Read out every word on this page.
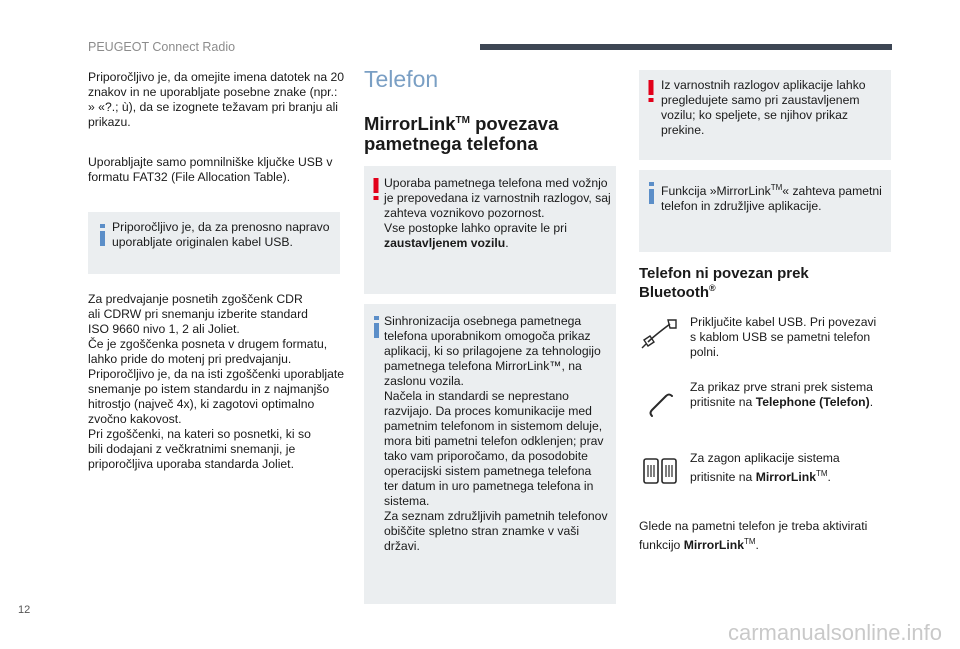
PEUGEOT Connect Radio
Priporočljivo je, da omejite imena datotek na 20
znakov in ne uporabljate posebne znake (npr.:
» «?.; ù), da se izognete težavam pri branju ali
prikazu.
Uporabljajte samo pomnilniške ključke USB v
formatu FAT32 (File Allocation Table).
Priporočljivo je, da za prenosno napravo
uporabljate originalen kabel USB.
Za predvajanje posnetih zgoščenk CDR
ali CDRW pri snemanju izberite standard
ISO 9660 nivo 1, 2 ali Joliet.
Če je zgoščenka posneta v drugem formatu,
lahko pride do motenj pri predvajanju.
Priporočljivo je, da na isti zgoščenki uporabljate
snemanje po istem standardu in z najmanjšo
hitrostjo (največ 4x), ki zagotovi optimalno
zvočno kakovost.
Pri zgoščenki, na kateri so posnetki, ki so
bili dodajani z večkratnimi snemanji, je
priporočljiva uporaba standarda Joliet.
Telefon
MirrorLink™ povezava
pametnega telefona
Uporaba pametnega telefona med vožnjo
je prepovedana iz varnostnih razlogov, saj
zahteva voznikovo pozornost.
Vse postopke lahko opravite le pri
zaustavljenem vozilu.
Sinhronizacija osebnega pametnega
telefona uporabnikom omogoča prikaz
aplikacij, ki so prilagojene za tehnologijo
pametnega telefona MirrorLink™, na
zaslonu vozila.
Načela in standardi se neprestano
razvijajo. Da proces komunikacije med
pametnim telefonom in sistemom deluje,
mora biti pametni telefon odklenjen; prav
tako vam priporočamo, da posodobite
operacijski sistem pametnega telefona
ter datum in uro pametnega telefona in
sistema.
Za seznam združljivih pametnih telefonov
obiščite spletno stran znamke v vaši
državi.
Iz varnostnih razlogov aplikacije lahko
pregledujete samo pri zaustavljenem
vozilu; ko speljete, se njihov prikaz
prekine.
Funkcija »MirrorLink™« zahteva pametni
telefon in združljive aplikacije.
Telefon ni povezan prek
Bluetooth®
Priključite kabel USB. Pri povezavi
s kablom USB se pametni telefon
polni.
Za prikaz prve strani prek sistema
pritisnite na Telephone (Telefon).
Za zagon aplikacije sistema
pritisnite na MirrorLink™.
Glede na pametni telefon je treba aktivirati
funkcijo MirrorLink™.
12
carmanualsonline.info
